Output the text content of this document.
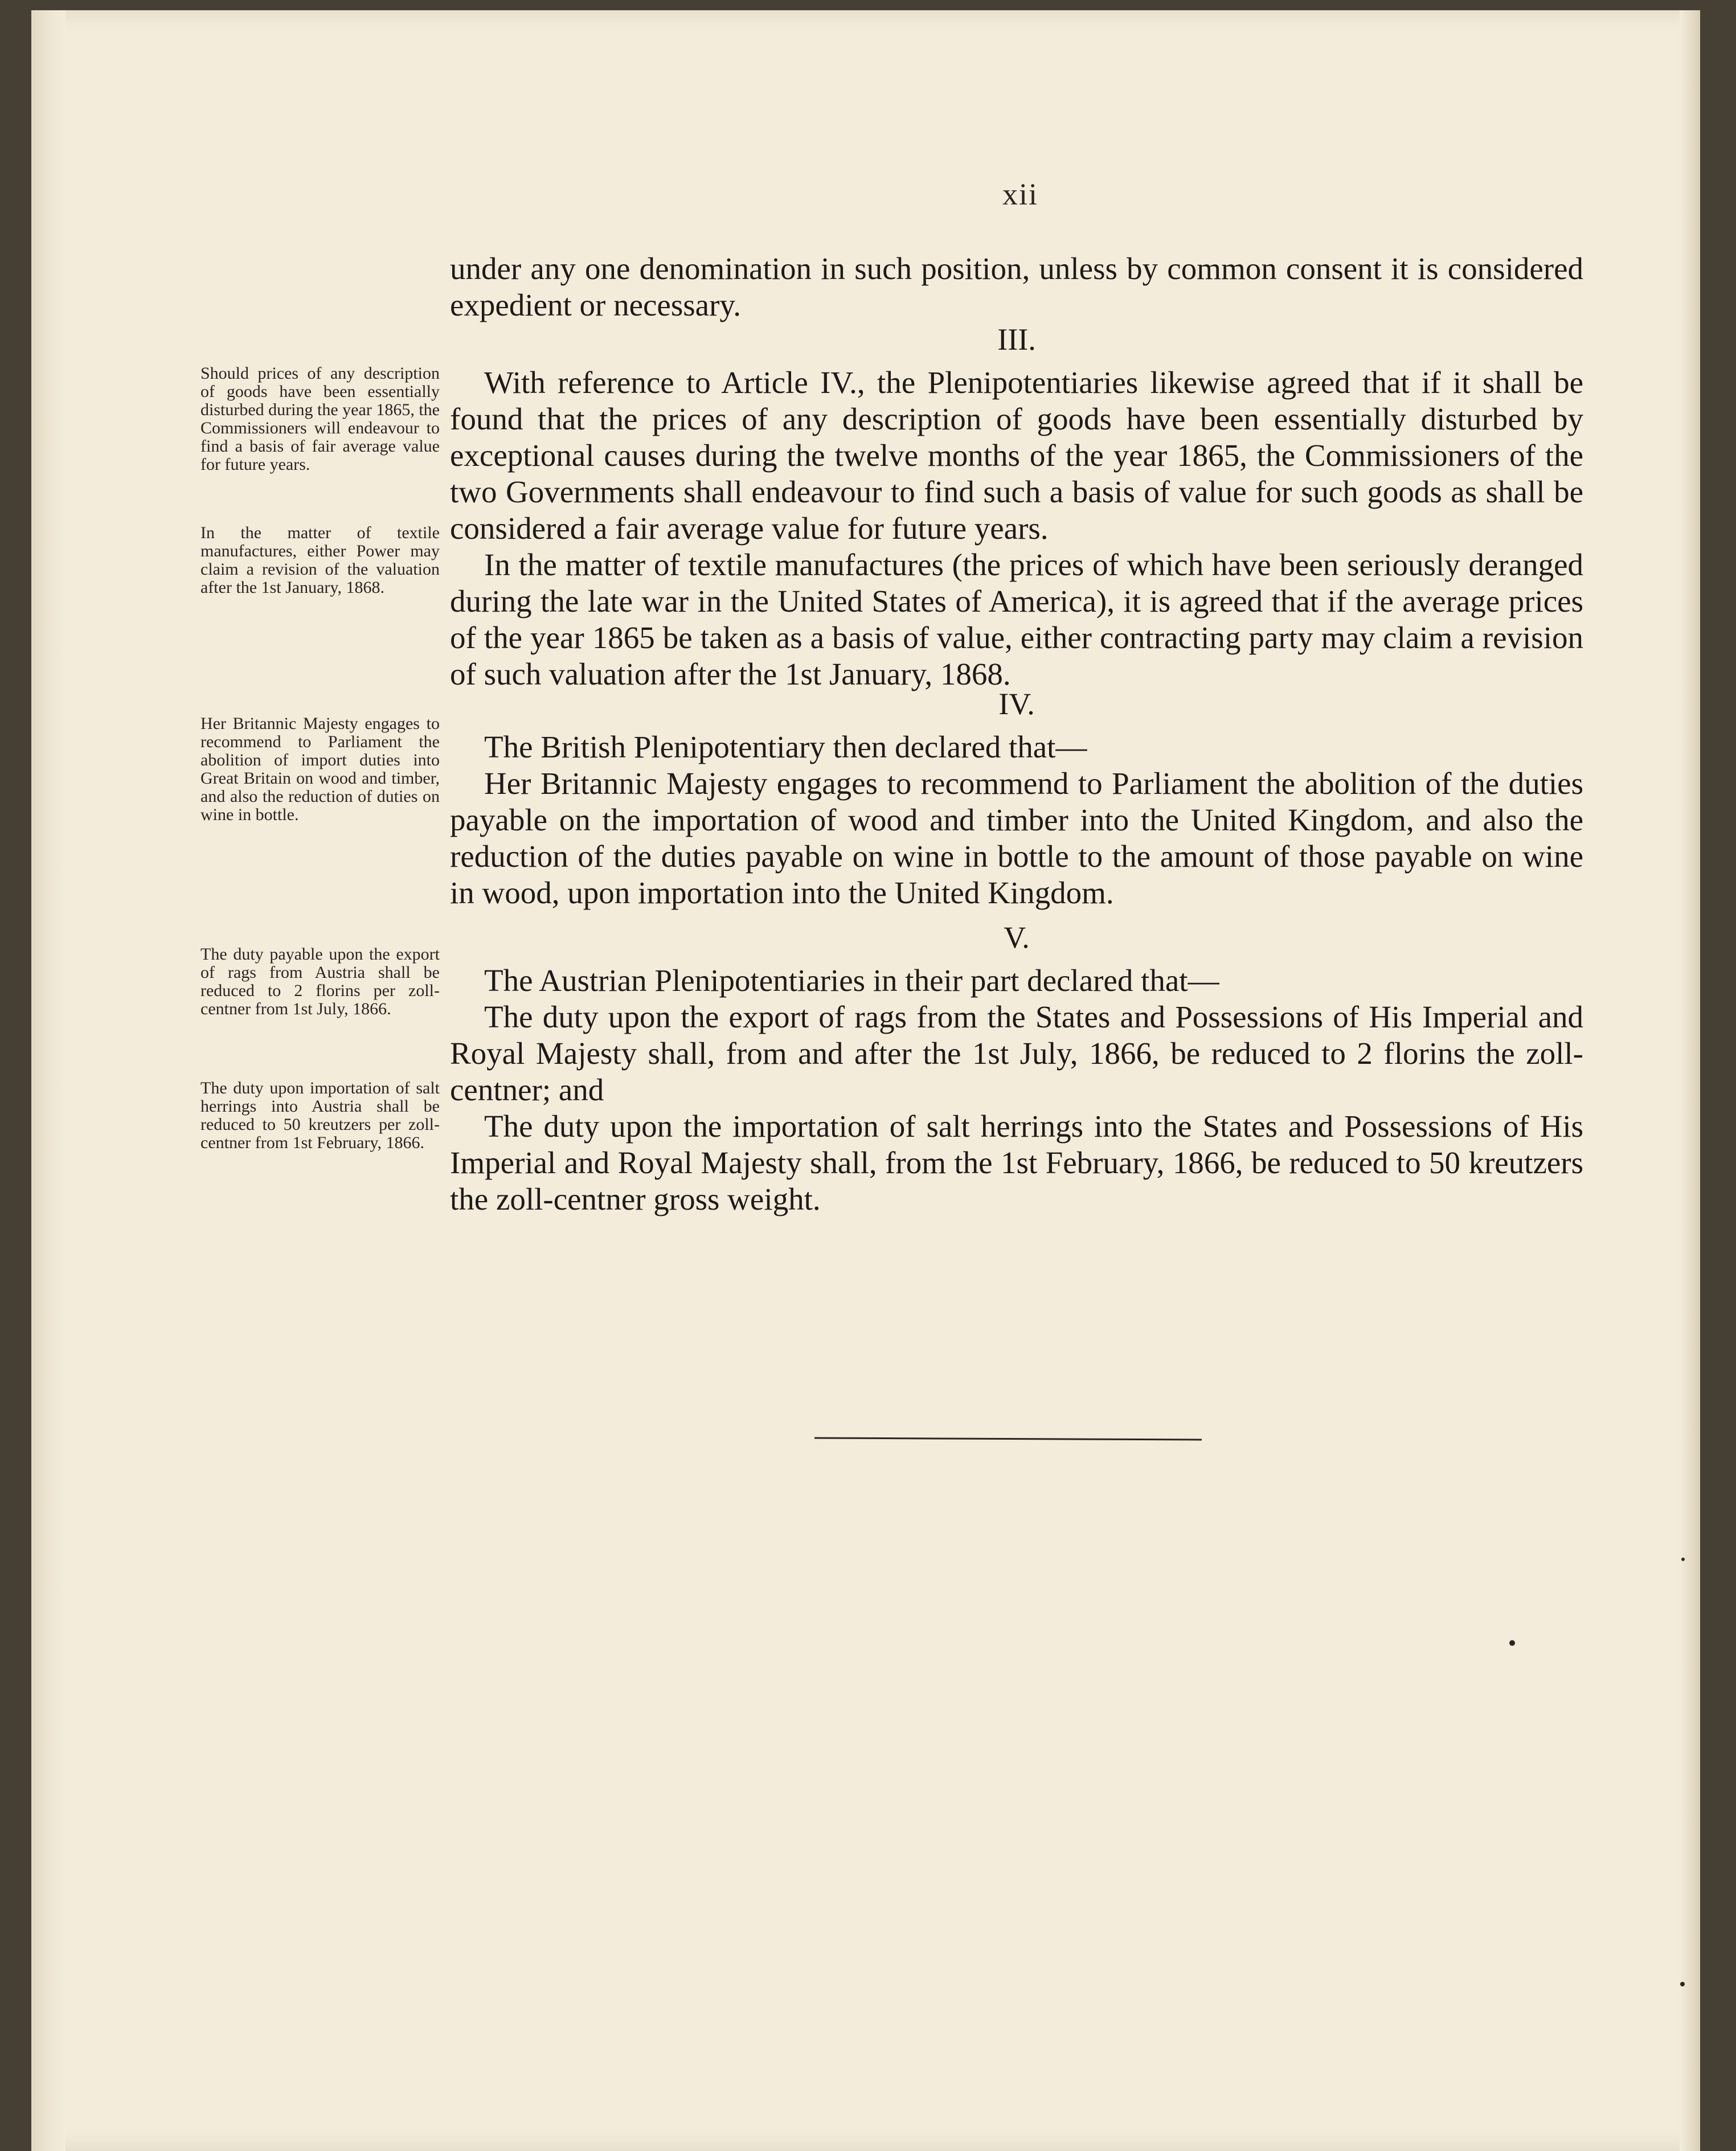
xii

under any one denomination in such position, unless by common consent it is considered expedient or necessary.

III.

With reference to Article IV., the Plenipotentiaries likewise agreed that if it shall be found that the prices of any description of goods have been essentially disturbed by exceptional causes during the twelve months of the year 1865, the Commissioners of the two Governments shall endeavour to find such a basis of value for such goods as shall be considered a fair average value for future years.

In the matter of textile manufactures (the prices of which have been seriously deranged during the late war in the United States of America), it is agreed that if the average prices of the year 1865 be taken as a basis of value, either contracting party may claim a revision of such valuation after the 1st January, 1868.

IV.

The British Plenipotentiary then declared that—

Her Britannic Majesty engages to recommend to Parliament the abolition of the duties payable on the importation of wood and timber into the United Kingdom, and also the reduction of the duties payable on wine in bottle to the amount of those payable on wine in wood, upon importation into the United Kingdom.

V.

The Austrian Plenipotentiaries in their part declared that—

The duty upon the export of rags from the States and Possessions of His Imperial and Royal Majesty shall, from and after the 1st July, 1866, be reduced to 2 florins the zoll-centner; and

The duty upon the importation of salt herrings into the States and Possessions of His Imperial and Royal Majesty shall, from the 1st February, 1866, be reduced to 50 kreutzers the zoll-centner gross weight.

Should prices of any description of goods have been essentially disturbed during the year 1865, the Commissioners will endeavour to find a basis of fair average value for future years.
In the matter of textile manufactures, either Power may claim a revision of the valuation after the 1st January, 1868.
Her Britannic Majesty engages to recommend to Parliament the abolition of import duties into Great Britain on wood and timber, and also the reduction of duties on wine in bottle.
The duty payable upon the export of rags from Austria shall be reduced to 2 florins per zoll-centner from 1st July, 1866.
The duty upon importation of salt herrings into Austria shall be reduced to 50 kreutzers per zoll-centner from 1st February, 1866.
